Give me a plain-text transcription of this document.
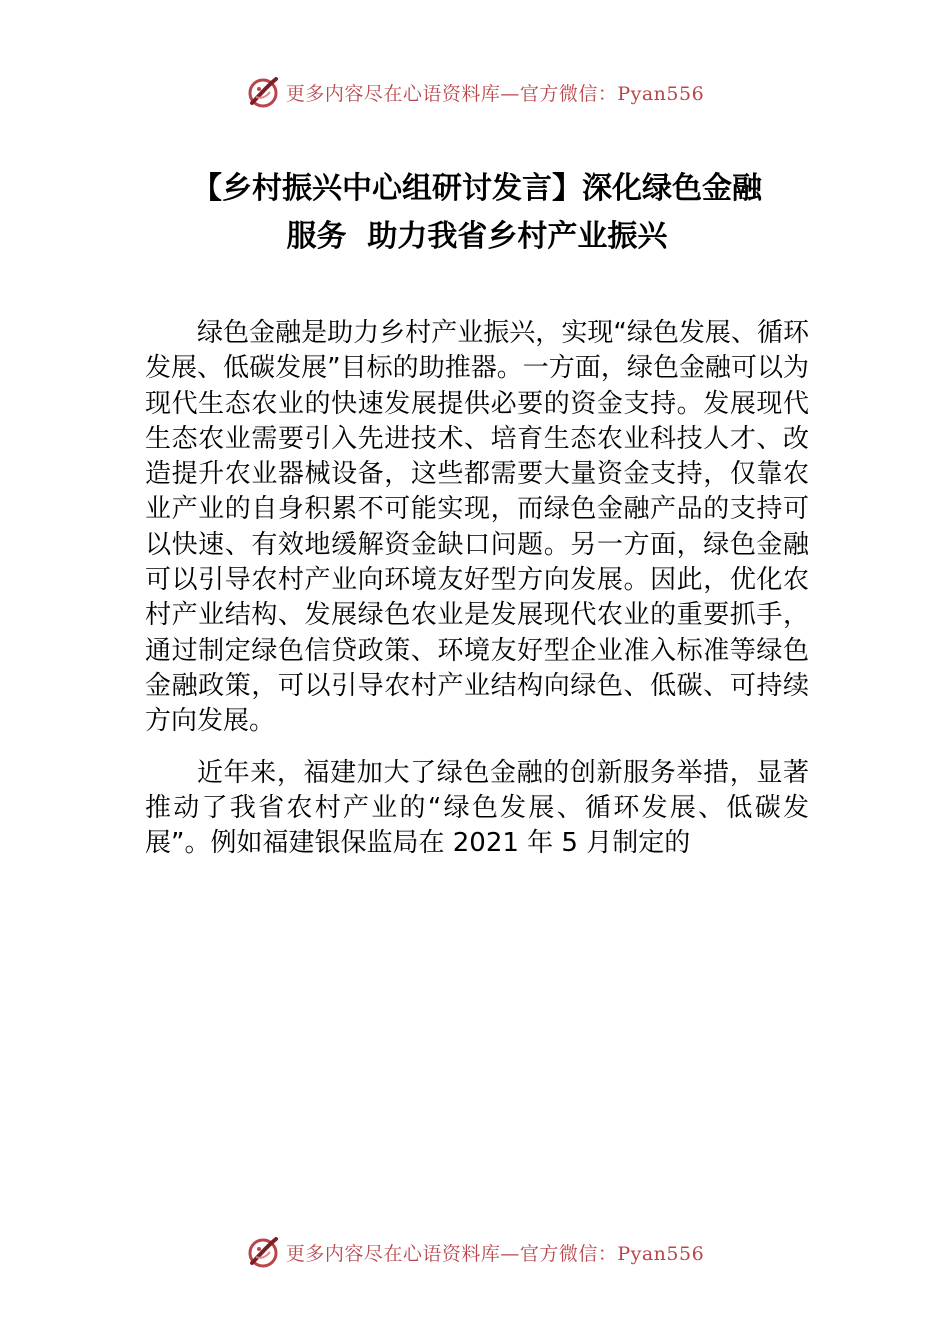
更多内容尽在心语资料库—官方微信：Pyan556
【乡村振兴中心组研讨发言】深化绿色金融
服务  助力我省乡村产业振兴

绿色金融是助力乡村产业振兴，实现“绿色发展、循环发展、低碳发展”目标的助推器。一方面，绿色金融可以为现代生态农业的快速发展提供必要的资金支持。发展现代生态农业需要引入先进技术、培育生态农业科技人才、改造提升农业器械设备，这些都需要大量资金支持，仅靠农业产业的自身积累不可能实现，而绿色金融产品的支持可以快速、有效地缓解资金缺口问题。另一方面，绿色金融可以引导农村产业向环境友好型方向发展。因此，优化农村产业结构、发展绿色农业是发展现代农业的重要抓手，通过制定绿色信贷政策、环境友好型企业准入标准等绿色金融政策，可以引导农村产业结构向绿色、低碳、可持续方向发展。

近年来，福建加大了绿色金融的创新服务举措，显著推动了我省农村产业的“绿色发展、循环发展、低碳发展”。例如福建银保监局在 2021 年 5 月制定的

更多内容尽在心语资料库—官方微信：Pyan556
